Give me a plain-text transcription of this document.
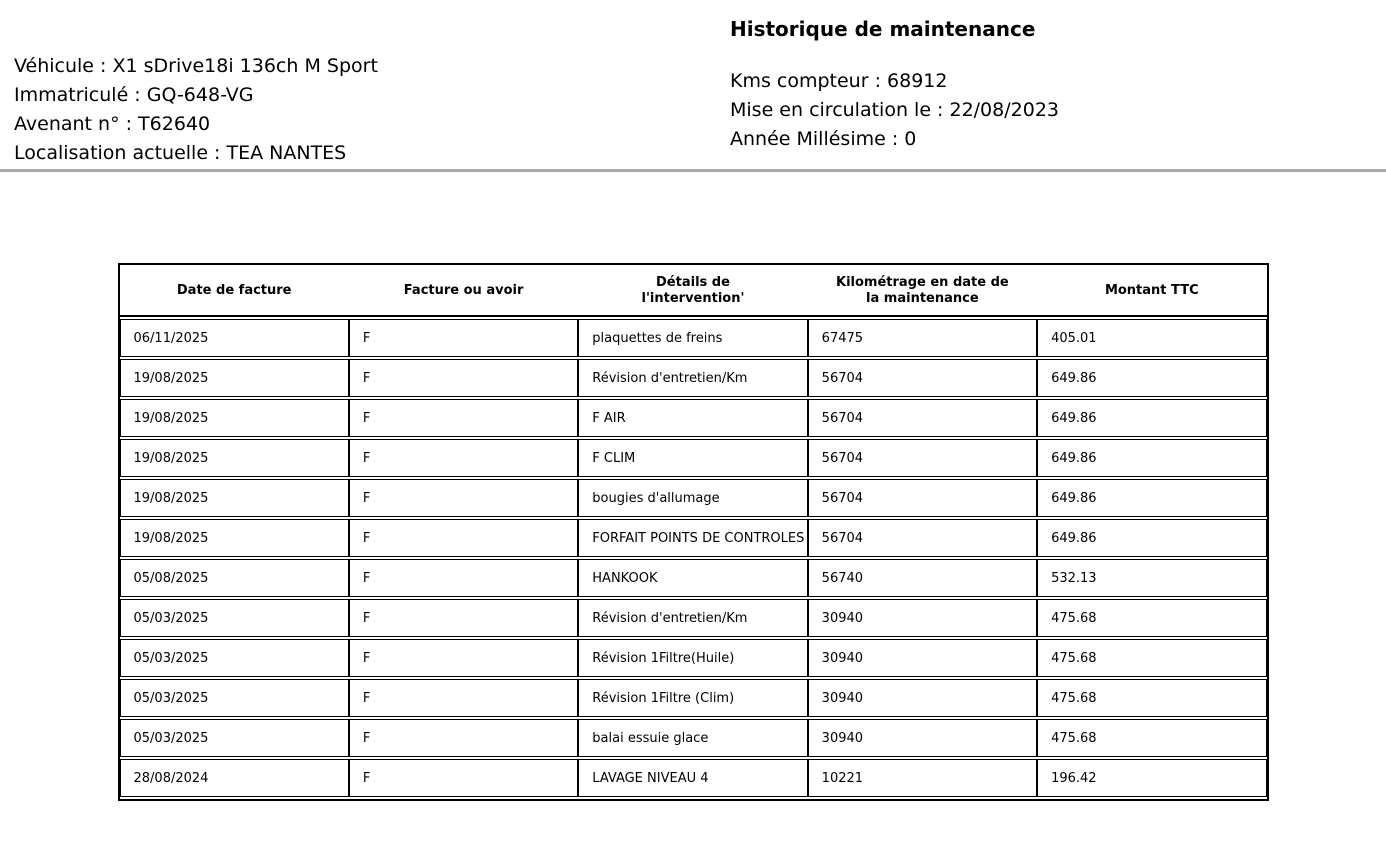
Véhicule : X1 sDrive18i 136ch M Sport
Immatriculé : GQ-648-VG
Avenant n° : T62640
Localisation actuelle : TEA NANTES
Historique de maintenance
Kms compteur : 68912
Mise en circulation le : 22/08/2023
Année Millésime : 0
Date de facture	Facture ou avoir	Détails de l'intervention'	Kilométrage en date de la maintenance	Montant TTC
06/11/2025	F	plaquettes de freins	67475	405.01
19/08/2025	F	Révision d'entretien/Km	56704	649.86
19/08/2025	F	F AIR	56704	649.86
19/08/2025	F	F CLIM	56704	649.86
19/08/2025	F	bougies d'allumage	56704	649.86
19/08/2025	F	FORFAIT POINTS DE CONTROLES	56704	649.86
05/08/2025	F	HANKOOK	56740	532.13
05/03/2025	F	Révision d'entretien/Km	30940	475.68
05/03/2025	F	Révision 1Filtre(Huile)	30940	475.68
05/03/2025	F	Révision 1Filtre (Clim)	30940	475.68
05/03/2025	F	balai essuie glace	30940	475.68
28/08/2024	F	LAVAGE NIVEAU 4	10221	196.42
